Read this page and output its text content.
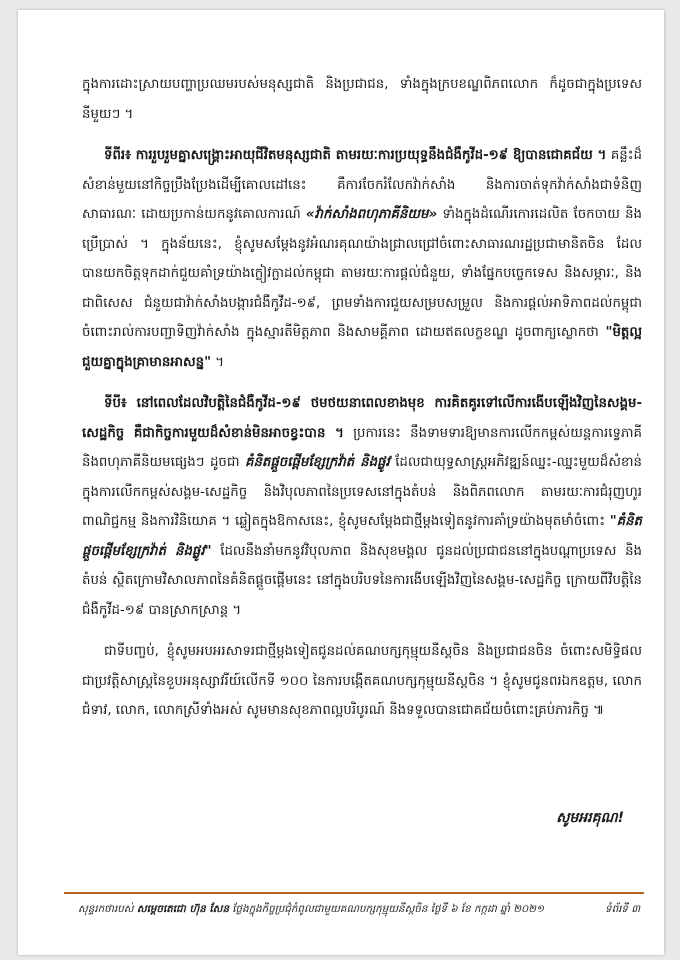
ក្នុងការដោះស្រាយបញ្ហាប្រឈមរបស់មនុស្សជាតិ និងប្រជាជន, ទាំងក្នុងក្របខណ្ឌពិភពលោក ក៏ដូចជាក្នុងប្រទេសនីមួយៗ ។

ទីពីរ៖ ការរួបរួមគ្នាសង្គ្រោះអាយុជីវិតមនុស្សជាតិ តាមរយៈការប្រយុទ្ធនឹងជំងឺកូវីដ-១៩ ឱ្យបានជោគជ័យ ។ គន្លឹះដ៏សំខាន់មួយនៅកិច្ចប្រឹងប្រែងដើម្បីគោលដៅនេះ គឺការចែករំលែកវ៉ាក់សាំង និងការចាត់ទុកវ៉ាក់សាំងជាទំនិញសាធារណៈ ដោយប្រកាន់យកនូវគោលការណ៍ «វ៉ាក់សាំងពហុភាគីនិយម» ទាំងក្នុងដំណើរកោរដេលិត ចែកចាយ និងប្រើប្រាស់ ។ ក្នុងន័យនេះ, ខ្ញុំសូមសម្ដែងនូវអំណរគុណយ៉ាងជ្រាលជ្រៅចំពោះសាធារណរដ្ឋប្រជាមានិតចិន ដែលបានយកចិត្តទុកដាក់ជួយគាំទ្រយ៉ាងក្លៀវក្លាដល់កម្ពុជា តាមរយៈការផ្ដល់ជំនួយ, ទាំងផ្នែកបច្ចេកទេស និងសម្ភារៈ, និងជាពិសេស ជំនួយជាវ៉ាក់សាំងបង្ការជំងឺកូវីដ-១៩, ព្រមទាំងការជួយសម្របសម្រួល និងការផ្ដល់អាទិភាពដល់កម្ពុជា ចំពោះរាល់ការបញ្ជាទិញវ៉ាក់សាំង ក្នុងស្មារតីមិត្តភាព និងសាមគ្គីភាព ដោយឥតលក្ខខណ្ឌ ដូចពាក្យស្លោកថា "មិត្តល្អ ជួយគ្នាក្នុងគ្រាមានអាសន្ន" ។

ទីបី៖ នៅពេលដែលវិបត្តិនៃជំងឺកូវីដ-១៩ ថមថយនាពេលខាងមុខ ការគិតគូរទៅលើការងើបឡើងវិញនៃសង្គម-សេដ្ឋកិច្ច គឺជាកិច្ចការមួយដ៏សំខាន់មិនអាចខ្វះបាន ។ ប្រការនេះ នឹងទាមទារឱ្យមានការលើកកម្ពស់យន្តការទ្វេភាគី និងពហុភាគីនិយមផ្សេងៗ ដូចជា គំនិតផ្ដួចផ្ដើមខ្សែក្រវ៉ាត់ និងផ្លូវ ដែលជាយុទ្ធសាស្ត្រអភិវឌ្ឍន៍ឈ្នះ-ឈ្នះមួយដ៏សំខាន់ ក្នុងការលើកកម្ពស់សង្គម-សេដ្ឋកិច្ច និងវិបុលភាពនៃប្រទេសនៅក្នុងតំបន់ និងពិភពលោក តាមរយៈការជំរុញហូរពាណិជ្ជកម្ម និងការវិនិយោគ ។ ឆ្លៀតក្នុងឱកាសនេះ, ខ្ញុំសូមសម្ដែងជាថ្មីម្ដងទៀតនូវការគាំទ្រយ៉ាងមុតមាំចំពោះ "គំនិតផ្ដួចផ្ដើមខ្សែក្រវ៉ាត់ និងផ្លូវ" ដែលនឹងនាំមកនូវវិបុលភាព និងសុខមង្គល ជូនដល់ប្រជាជននៅក្នុងបណ្ដាប្រទេស និងតំបន់ ស្ថិតក្រោមវិសាលភាពនៃគំនិតផ្ដួចផ្ដើមនេះ នៅក្នុងបរិបទនៃការងើបឡើងវិញនៃសង្គម-សេដ្ឋកិច្ច ក្រោយពីវិបត្តិនៃជំងឺកូវីដ-១៩ បានស្រាកស្រាន្ត ។

ជាទីបញ្ចប់, ខ្ញុំសូមអបអរសាទរជាថ្មីម្ដងទៀតជូនដល់គណបក្សកុម្មុយនីស្តចិន និងប្រជាជនចិន ចំពោះសមិទ្ធិផលជាប្រវត្តិសាស្ត្រនៃខួបអនុស្សាវរីយ៍លើកទី ១០០ នៃការបង្កើតគណបក្សកុម្មុយនីស្តចិន ។ ខ្ញុំសូមជូនពរឯកឧត្តម, លោកជំទាវ, លោក, លោកស្រីទាំងអស់ សូមមានសុខភាពល្អបរិបូរណ៍ និងទទួលបានជោគជ័យចំពោះគ្រប់ភារកិច្ច ៕

សូមអរគុណ!
សុន្ទរកថារបស់ សម្ដេចតេជោ ហ៊ុន សែន ថ្លែងក្នុងកិច្ចប្រជុំកំពូលជាមួយគណបក្សកុម្មុយនីស្តចិន ថ្ងៃទី ៦ ខែ កក្កដា ឆ្នាំ ២០២១	ទំព័រទី ៣
